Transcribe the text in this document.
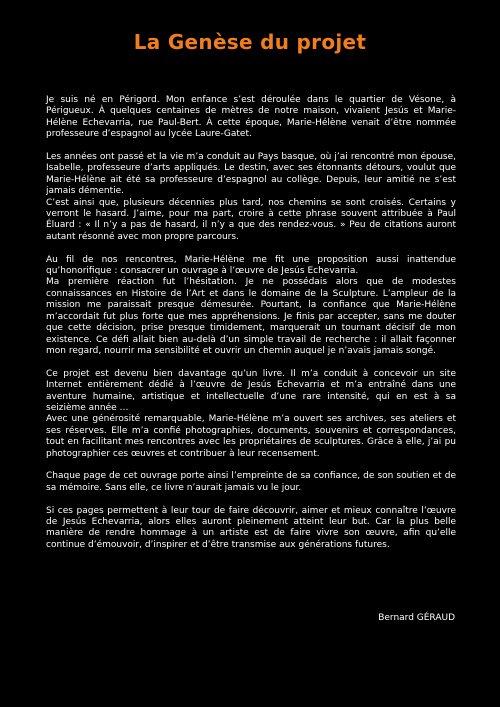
La Genèse du projet

Je suis né en Périgord. Mon enfance s’est déroulée dans le quartier de Vésone, à Périgueux. À quelques centaines de mètres de notre maison, vivaient Jesús et Marie-Hélène Echevarria, rue Paul-Bert. À cette époque, Marie-Hélène venait d’être nommée professeure d’espagnol au lycée Laure-Gatet.

Les années ont passé et la vie m’a conduit au Pays basque, où j’ai rencontré mon épouse, Isabelle, professeure d’arts appliqués. Le destin, avec ses étonnants détours, voulut que Marie-Hélène ait été sa professeure d’espagnol au collège. Depuis, leur amitié ne s’est jamais démentie.

C’est ainsi que, plusieurs décennies plus tard, nos chemins se sont croisés. Certains y verront le hasard. J’aime, pour ma part, croire à cette phrase souvent attribuée à Paul Éluard : « Il n’y a pas de hasard, il n’y a que des rendez-vous. » Peu de citations auront autant résonné avec mon propre parcours.

Au fil de nos rencontres, Marie-Hélène me fit une proposition aussi inattendue qu’honorifique : consacrer un ouvrage à l’œuvre de Jesús Echevarria.

Ma première réaction fut l’hésitation. Je ne possédais alors que de modestes connaissances en Histoire de l’Art et dans le domaine de la Sculpture. L’ampleur de la mission me paraissait presque démesurée. Pourtant, la confiance que Marie-Hélène m’accordait fut plus forte que mes appréhensions. Je finis par accepter, sans me douter que cette décision, prise presque timidement, marquerait un tournant décisif de mon existence. Ce défi allait bien au-delà d’un simple travail de recherche : il allait façonner mon regard, nourrir ma sensibilité et ouvrir un chemin auquel je n’avais jamais songé.

Ce projet est devenu bien davantage qu’un livre. Il m’a conduit à concevoir un site Internet entièrement dédié à l’œuvre de Jesús Echevarria et m’a entraîné dans une aventure humaine, artistique et intellectuelle d’une rare intensité, qui en est à sa seizième année …

Avec une générosité remarquable, Marie-Hélène m’a ouvert ses archives, ses ateliers et ses réserves. Elle m’a confié photographies, documents, souvenirs et correspondances, tout en facilitant mes rencontres avec les propriétaires de sculptures. Grâce à elle, j’ai pu photographier ces œuvres et contribuer à leur recensement.

Chaque page de cet ouvrage porte ainsi l’empreinte de sa confiance, de son soutien et de sa mémoire. Sans elle, ce livre n’aurait jamais vu le jour.

Si ces pages permettent à leur tour de faire découvrir, aimer et mieux connaître l’œuvre de Jesús Echevarria, alors elles auront pleinement atteint leur but. Car la plus belle manière de rendre hommage à un artiste est de faire vivre son œuvre, afin qu’elle continue d’émouvoir, d’inspirer et d’être transmise aux générations futures.

Bernard GÉRAUD
